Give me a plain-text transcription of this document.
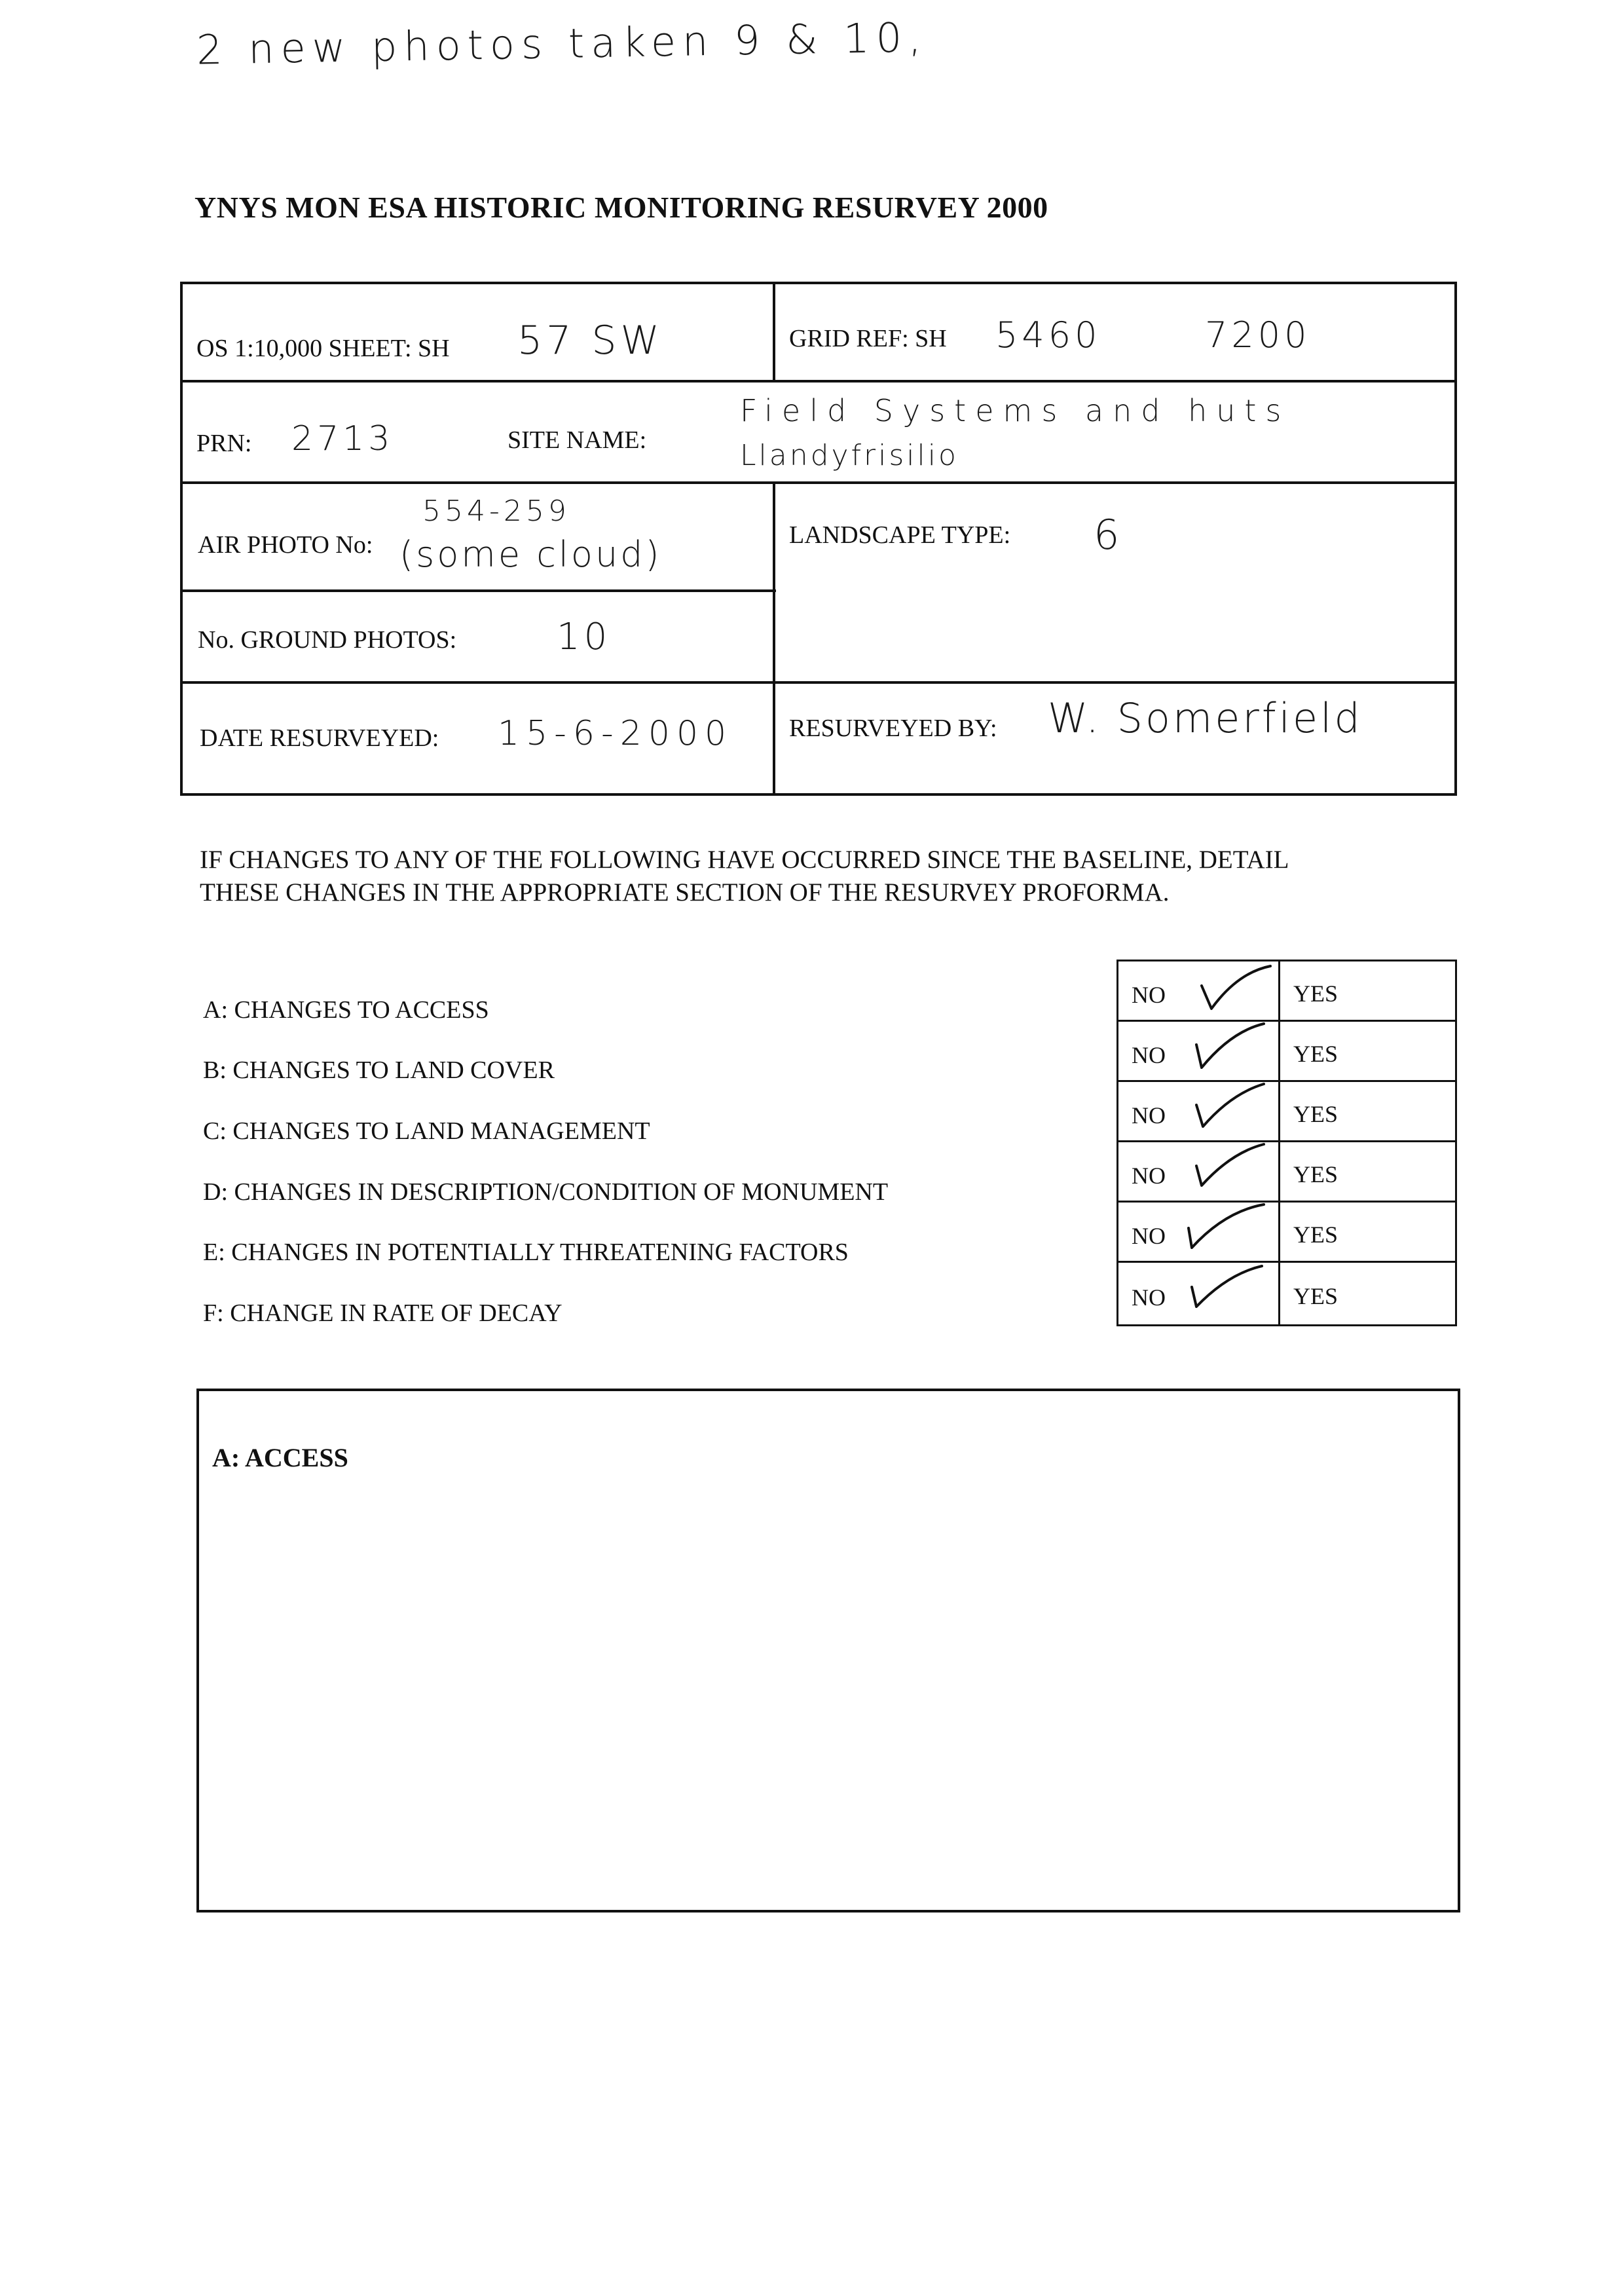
2 new photos taken 9 & 10,
YNYS MON ESA HISTORIC MONITORING RESURVEY 2000
OS 1:10,000 SHEET: SH 57 SW	GRID REF: SH 5460	7200
PRN: 2713	SITE NAME:
Field Systems and huts
Llandyfrisilio
AIR PHOTO No:
554-259
(some cloud)	LANDSCAPE TYPE: 6
No. GROUND PHOTOS:	10
DATE RESURVEYED: 15-6-2000 RESURVEYED BY: W. Somerfield
IF CHANGES TO ANY OF THE FOLLOWING HAVE OCCURRED SINCE THE BASELINE, DETAIL
THESE CHANGES IN THE APPROPRIATE SECTION OF THE RESURVEY PROFORMA.
A: CHANGES TO ACCESS
B: CHANGES TO LAND COVER
C: CHANGES TO LAND MANAGEMENT
D: CHANGES IN DESCRIPTION/CONDITION OF MONUMENT
E: CHANGES IN POTENTIALLY THREATENING FACTORS
F: CHANGE IN RATE OF DECAY
NO	YES
NO	YES
NO	YES
NO	YES
NO	YES
NO	YES
A: ACCESS
